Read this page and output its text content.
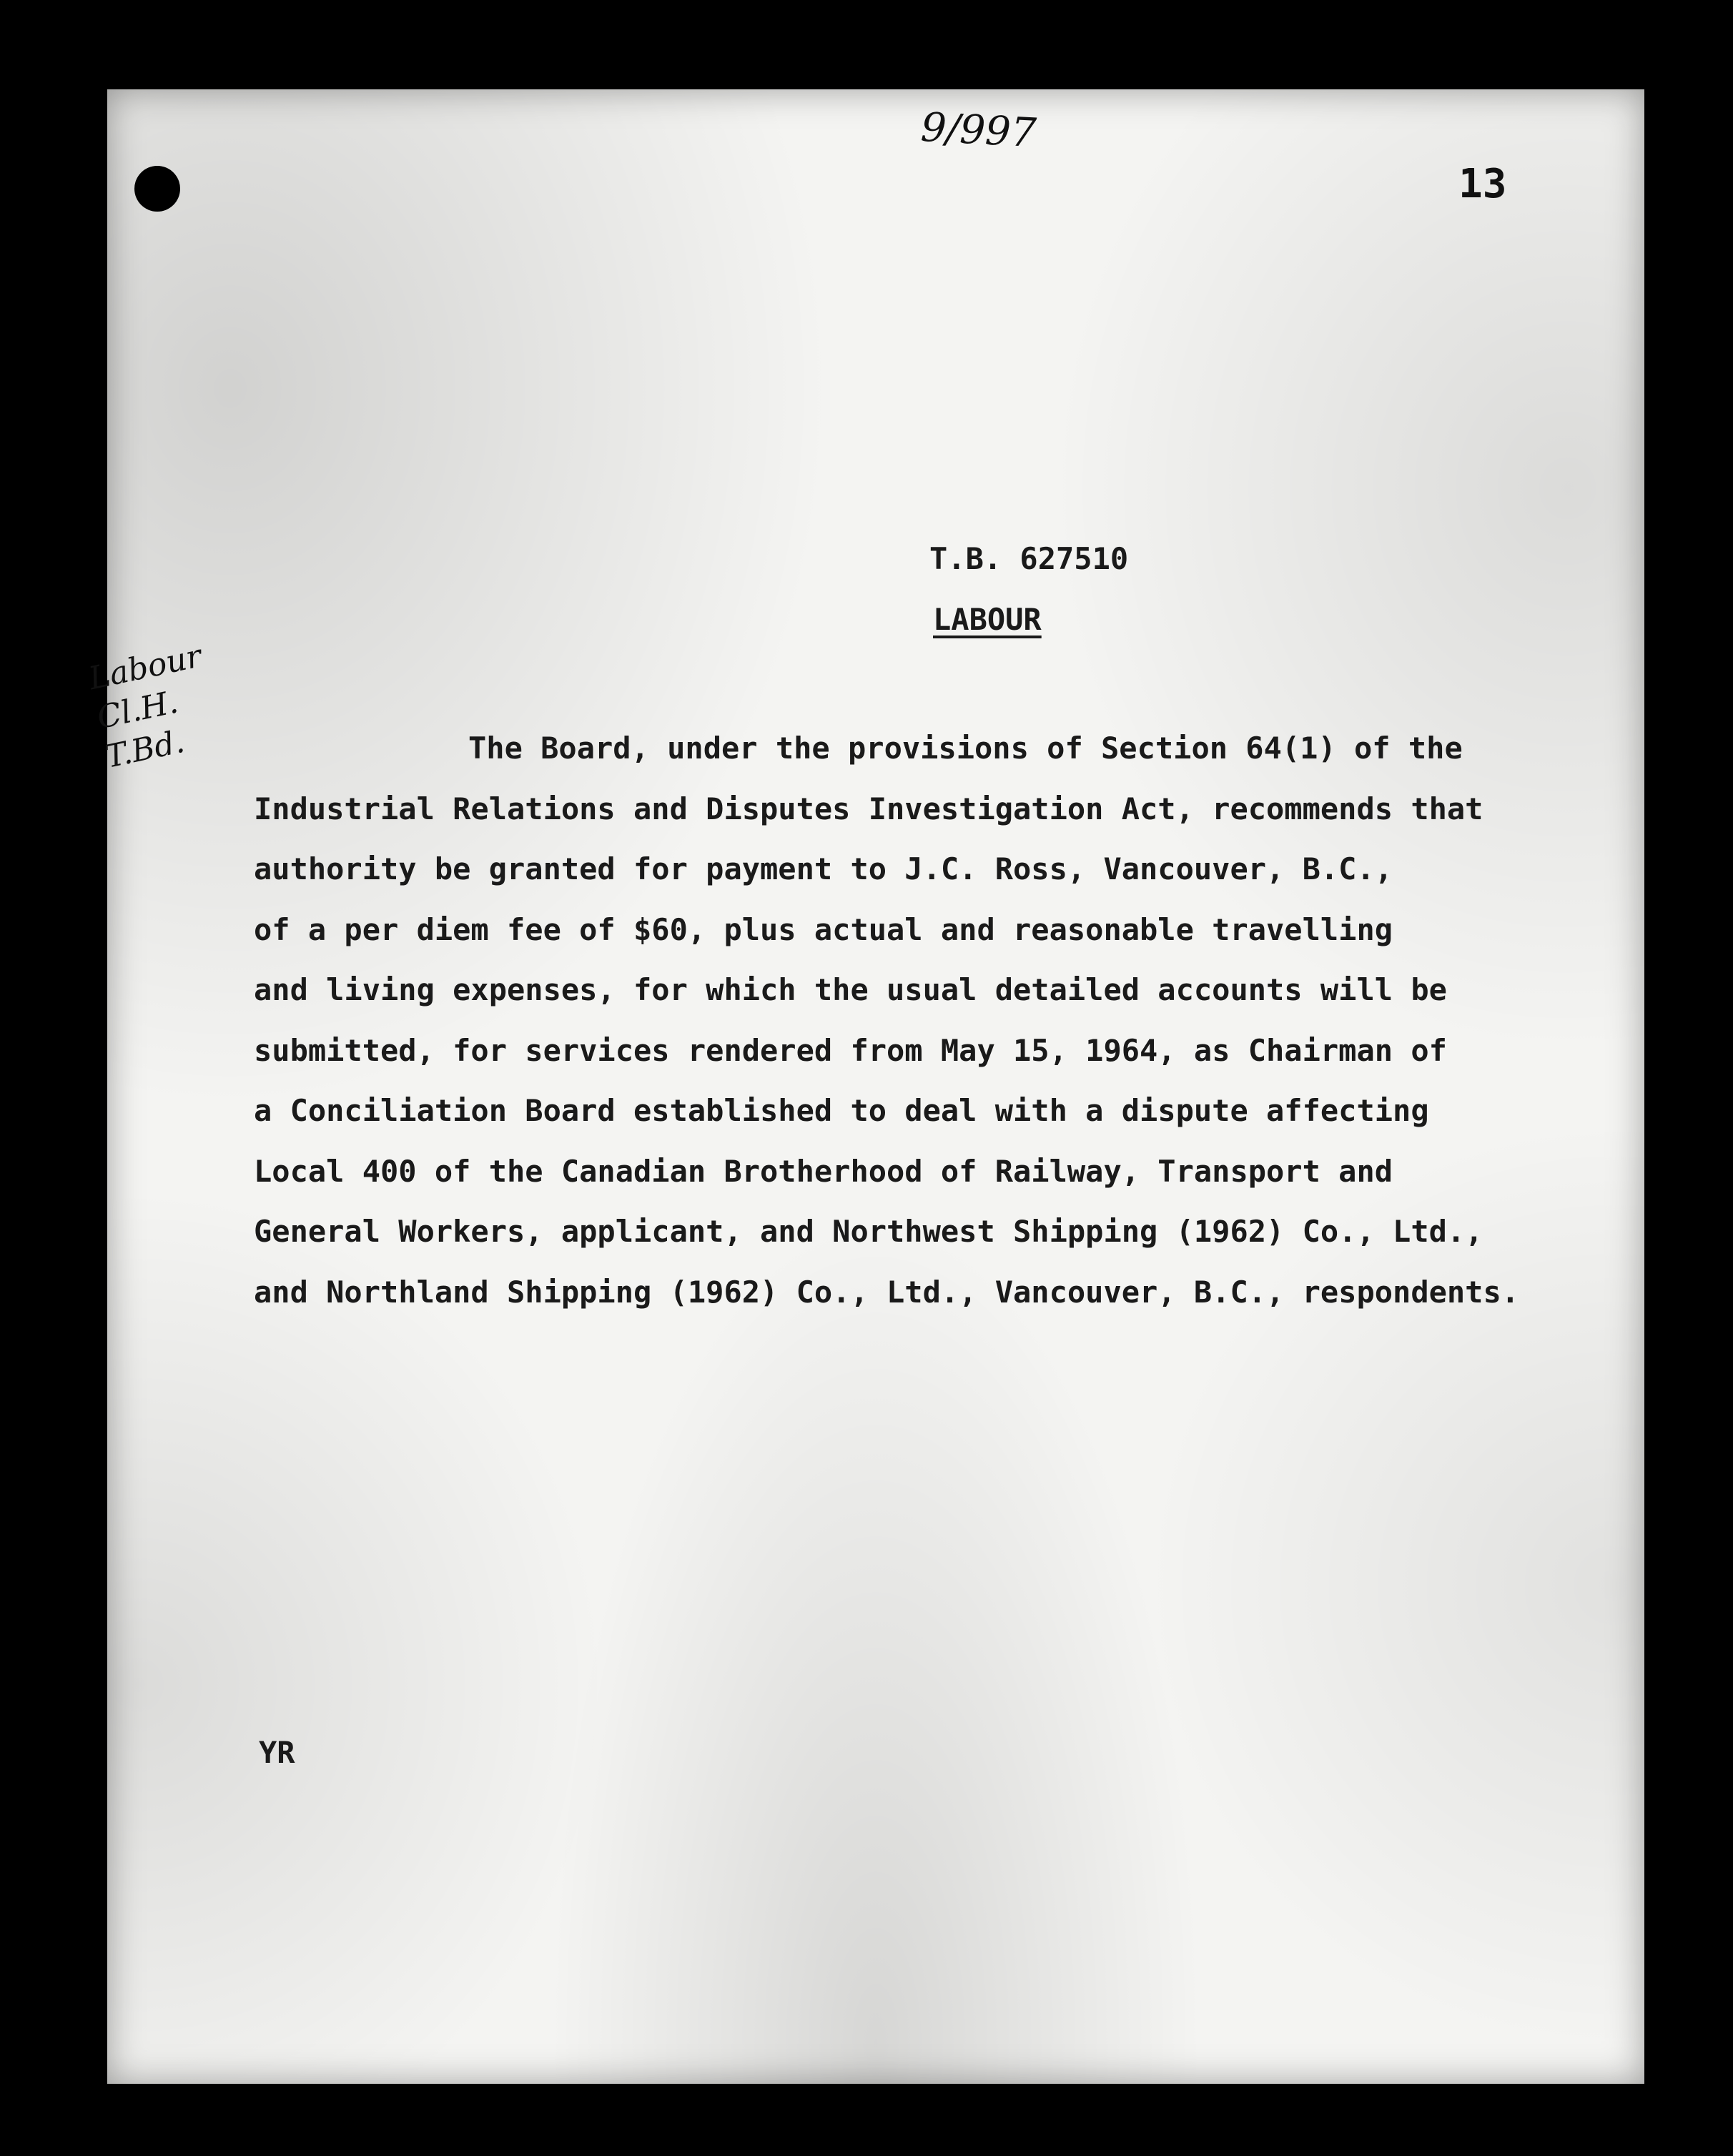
9/997
13
Labour
Cl.H.
T.Bd.
T.B. 627510
LABOUR
The Board, under the provisions of Section 64(1) of the
Industrial Relations and Disputes Investigation Act, recommends that
authority be granted for payment to J.C. Ross, Vancouver, B.C.,
of a per diem fee of $60, plus actual and reasonable travelling
and living expenses, for which the usual detailed accounts will be
submitted, for services rendered from May 15, 1964, as Chairman of
a Conciliation Board established to deal with a dispute affecting
Local 400 of the Canadian Brotherhood of Railway, Transport and
General Workers, applicant, and Northwest Shipping (1962) Co., Ltd.,
and Northland Shipping (1962) Co., Ltd., Vancouver, B.C., respondents.
YR
